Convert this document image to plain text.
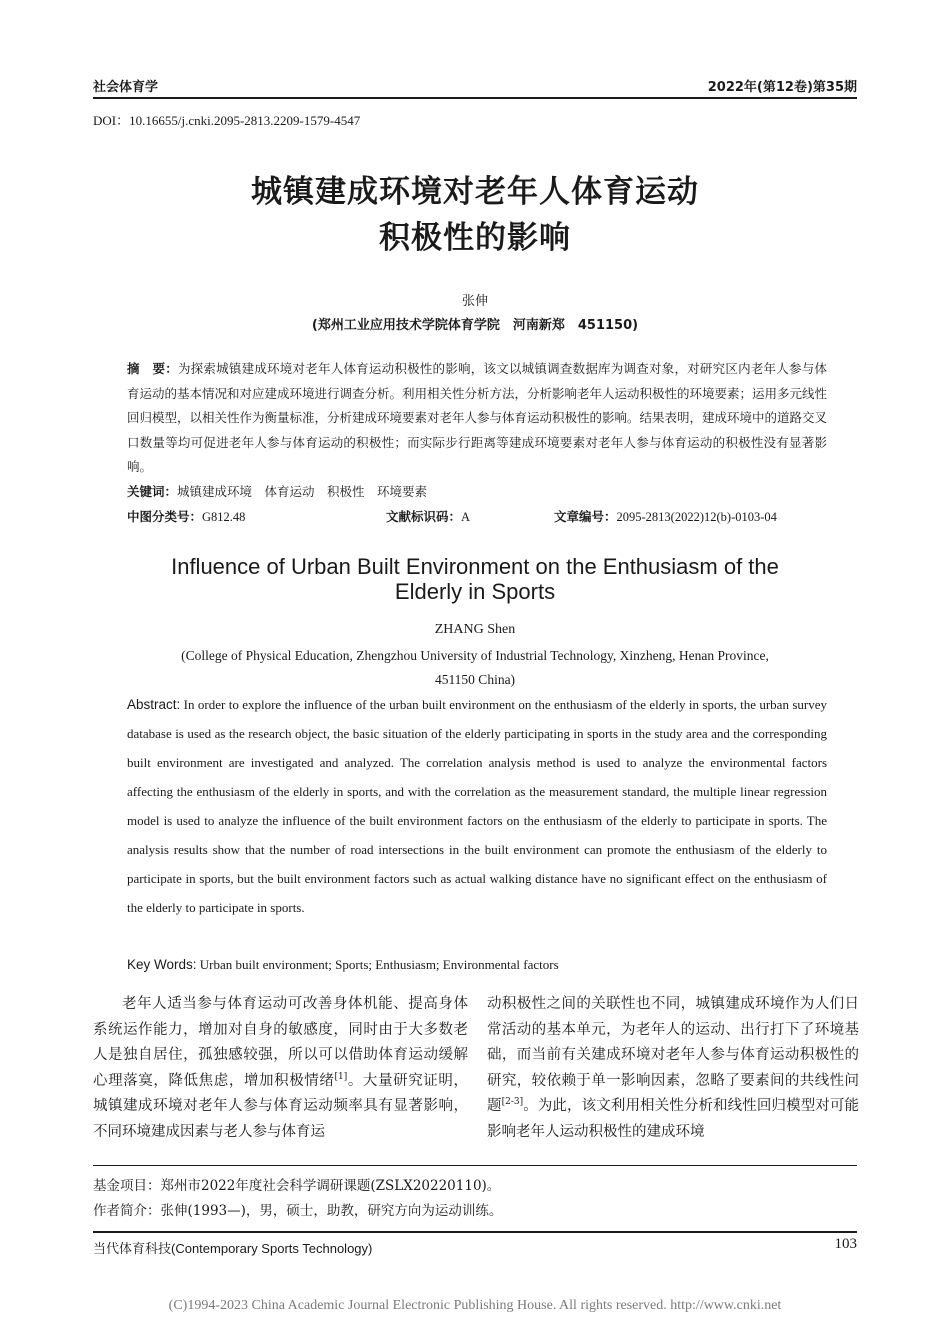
社会体育学	2022年(第12卷)第35期
DOI：10.16655/j.cnki.2095-2813.2209-1579-4547
城镇建成环境对老年人体育运动
积极性的影响
张伸
(郑州工业应用技术学院体育学院　河南新郑　451150)
摘　要：为探索城镇建成环境对老年人体育运动积极性的影响，该文以城镇调查数据库为调查对象，对研究区内老年人参与体育运动的基本情况和对应建成环境进行调查分析。利用相关性分析方法，分析影响老年人运动积极性的环境要素；运用多元线性回归模型，以相关性作为衡量标准，分析建成环境要素对老年人参与体育运动积极性的影响。结果表明，建成环境中的道路交叉口数量等均可促进老年人参与体育运动的积极性；而实际步行距离等建成环境要素对老年人参与体育运动的积极性没有显著影响。
关键词：城镇建成环境　体育运动　积极性　环境要素
中图分类号：G812.48	文献标识码：A	文章编号：2095-2813(2022)12(b)-0103-04
Influence of Urban Built Environment on the Enthusiasm of the
Elderly in Sports
ZHANG Shen
(College of Physical Education, Zhengzhou University of Industrial Technology, Xinzheng, Henan Province,
451150 China)
Abstract: In order to explore the influence of the urban built environment on the enthusiasm of the elderly in sports, the urban survey database is used as the research object, the basic situation of the elderly participating in sports in the study area and the corresponding built environment are investigated and analyzed. The correlation analysis method is used to analyze the environmental factors affecting the enthusiasm of the elderly in sports, and with the correlation as the measurement standard, the multiple linear regression model is used to analyze the influence of the built environment factors on the enthusiasm of the elderly to participate in sports. The analysis results show that the number of road intersections in the built environment can promote the enthusiasm of the elderly to participate in sports, but the built environment factors such as actual walking distance have no significant effect on the enthusiasm of the elderly to participate in sports.
Key Words: Urban built environment; Sports; Enthusiasm; Environmental factors

老年人适当参与体育运动可改善身体机能、提高身体系统运作能力，增加对自身的敏感度，同时由于大多数老人是独自居住，孤独感较强，所以可以借助体育运动缓解心理落寞，降低焦虑，增加积极情绪[1]。大量研究证明，城镇建成环境对老年人参与体育运动频率具有显著影响，不同环境建成因素与老人参与体育运

动积极性之间的关联性也不同，城镇建成环境作为人们日常活动的基本单元，为老年人的运动、出行打下了环境基础，而当前有关建成环境对老年人参与体育运动积极性的研究，较依赖于单一影响因素，忽略了要素间的共线性问题[2-3]。为此，该文利用相关性分析和线性回归模型对可能影响老年人运动积极性的建成环境

基金项目：郑州市2022年度社会科学调研课题(ZSLX20220110)。
作者简介：张伸(1993—)，男，硕士，助教，研究方向为运动训练。
当代体育科技(Contemporary Sports Technology)	103
(C)1994-2023 China Academic Journal Electronic Publishing House. All rights reserved. http://www.cnki.net
